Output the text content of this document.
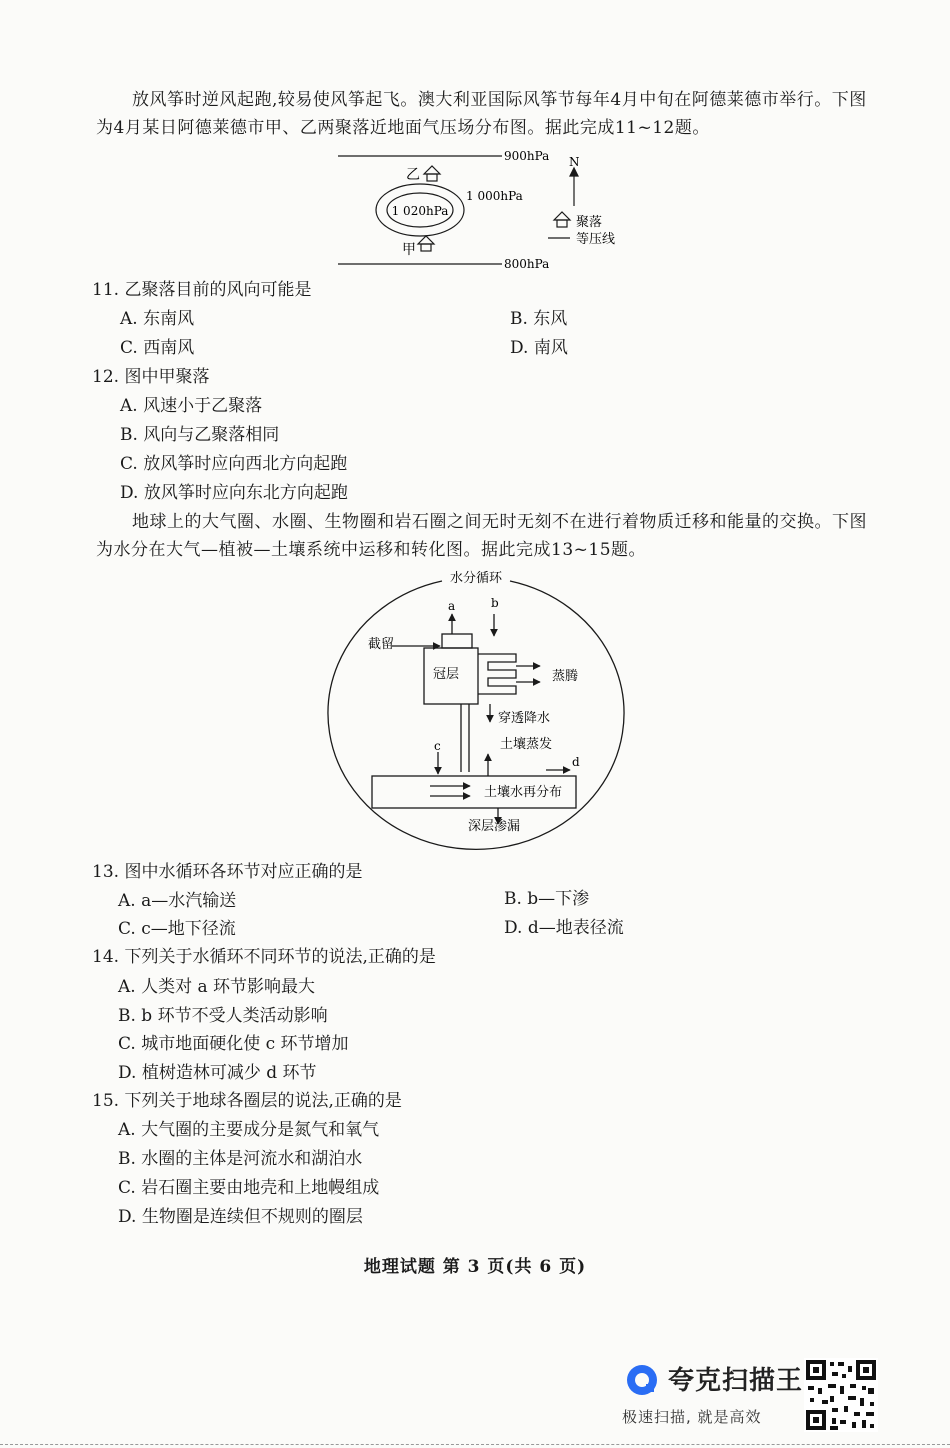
放风筝时逆风起跑,较易使风筝起飞。澳大利亚国际风筝节每年4月中旬在阿德莱德市举行。下图为4月某日阿德莱德市甲、乙两聚落近地面气压场分布图。据此完成11~12题。

900hPa
1 000hPa
1 020hPa
800hPa
乙
甲
N
聚落
等压线
11. 乙聚落目前的风向可能是
A. 东南风	B. 东风
C. 西南风	D. 南风
12. 图中甲聚落
A. 风速小于乙聚落
B. 风向与乙聚落相同
C. 放风筝时应向西北方向起跑
D. 放风筝时应向东北方向起跑

地球上的大气圈、水圈、生物圈和岩石圈之间无时无刻不在进行着物质迁移和能量的交换。下图为水分在大气—植被—土壤系统中运移和转化图。据此完成13~15题。

水分循环
a	b
截留
冠层	蒸腾
穿透降水
c	土壤蒸发
d
土壤水再分布
深层渗漏
13. 图中水循环各环节对应正确的是
A. a—水汽输送	B. b—下渗
C. c—地下径流	D. d—地表径流
14. 下列关于水循环不同环节的说法,正确的是
A. 人类对 a 环节影响最大
B. b 环节不受人类活动影响
C. 城市地面硬化使 c 环节增加
D. 植树造林可减少 d 环节
15. 下列关于地球各圈层的说法,正确的是
A. 大气圈的主要成分是氮气和氧气
B. 水圈的主体是河流水和湖泊水
C. 岩石圈主要由地壳和上地幔组成
D. 生物圈是连续但不规则的圈层
地理试题 第 3 页(共 6 页)
夸克扫描王
极速扫描, 就是高效
